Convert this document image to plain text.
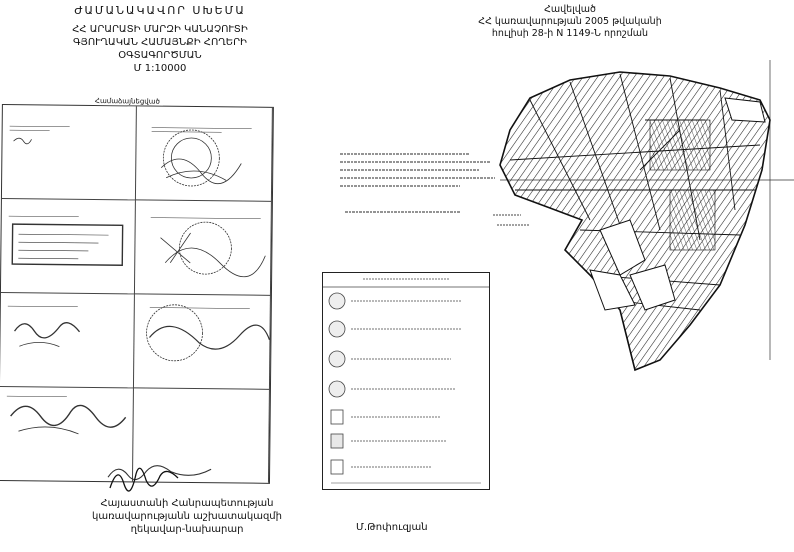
ԺԱՄԱՆԱԿԱՎՈՐ ՍԽԵՄԱ
ՀՀ ԱՐԱՐԱՏԻ ՄԱՐԶԻ ԿԱՆԱՉՈՒՏԻ
ԳՅՈՒՂԱԿԱՆ ՀԱՄԱՅՆՔԻ ՀՈՂԵՐԻ
ՕԳՏԱԳՈՐԾՄԱՆ
Մ 1:10000
Հավելված
ՀՀ կառավարության 2005 թվականի
հուլիսի 28-ի N 1149-Ն որոշման
Համաձայնեցված
Հայաստանի Հանրապետության
կառավարությանն աշխատակազմի
ղեկավար-նախարար	Մ.Թոփուզյան
